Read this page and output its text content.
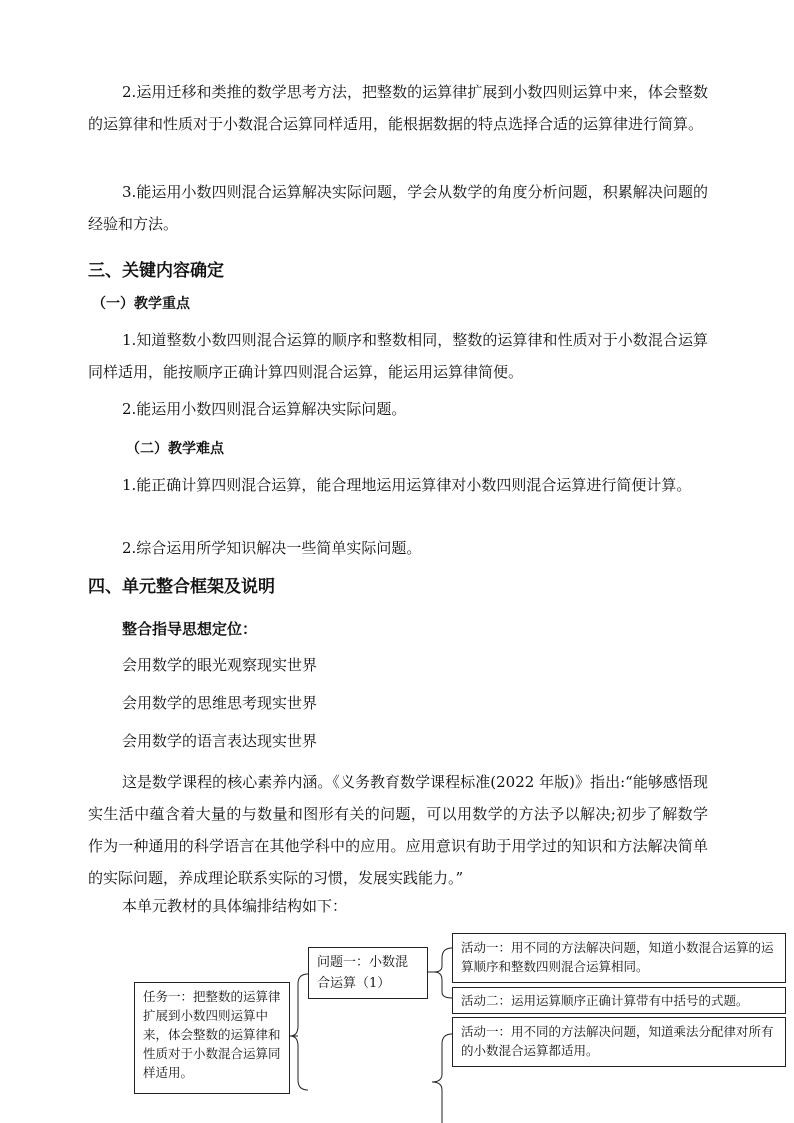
2.运用迁移和类推的数学思考方法，把整数的运算律扩展到小数四则运算中来，体会整数的运算律和性质对于小数混合运算同样适用，能根据数据的特点选择合适的运算律进行简算。

3.能运用小数四则混合运算解决实际问题，学会从数学的角度分析问题，积累解决问题的经验和方法。

三、关键内容确定
（一）教学重点

1.知道整数小数四则混合运算的顺序和整数相同，整数的运算律和性质对于小数混合运算同样适用，能按顺序正确计算四则混合运算，能运用运算律简便。

2.能运用小数四则混合运算解决实际问题。

（二）教学难点

1.能正确计算四则混合运算，能合理地运用运算律对小数四则混合运算进行简便计算。

2.综合运用所学知识解决一些简单实际问题。

四、单元整合框架及说明
整合指导思想定位：

会用数学的眼光观察现实世界

会用数学的思维思考现实世界

会用数学的语言表达现实世界

这是数学课程的核心素养内涵。《义务教育数学课程标准(2022 年版)》指出:“能够感悟现实生活中蕴含着大量的与数量和图形有关的问题，可以用数学的方法予以解决;初步了解数学作为一种通用的科学语言在其他学科中的应用。应用意识有助于用学过的知识和方法解决简单的实际问题，养成理论联系实际的习惯，发展实践能力。”

本单元教材的具体编排结构如下：

任务一：把整数的运算律扩展到小数四则运算中来，体会整数的运算律和性质对于小数混合运算同样适用。
问题一：小数混合运算（1）
活动一：用不同的方法解决问题，知道小数混合运算的运算顺序和整数四则混合运算相同。
活动二：运用运算顺序正确计算带有中括号的式题。
活动一：用不同的方法解决问题，知道乘法分配律对所有的小数混合运算都适用。
